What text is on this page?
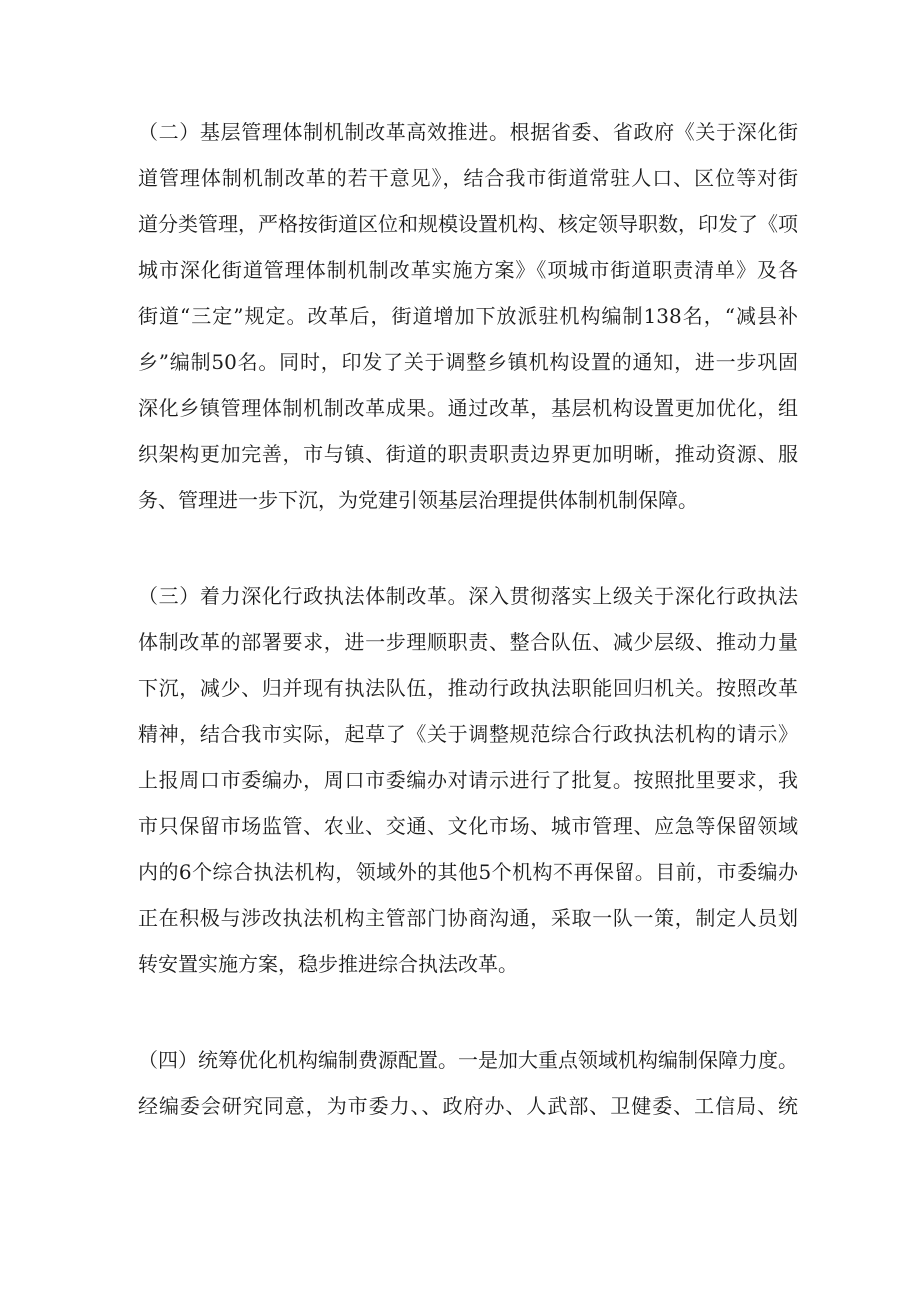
（二）基层管理体制机制改革高效推进。根据省委、省政府《关于深化街
道管理体制机制改革的若干意见》，结合我市街道常驻人口、区位等对街
道分类管理，严格按街道区位和规模设置机构、核定领导职数，印发了《项
城市深化街道管理体制机制改革实施方案》《项城市街道职责清单》及各
街道“三定”规定。改革后，街道增加下放派驻机构编制138名，“减县补
乡”编制50名。同时，印发了关于调整乡镇机构设置的通知，进一步巩固
深化乡镇管理体制机制改革成果。通过改革，基层机构设置更加优化，组
织架构更加完善，市与镇、街道的职责职责边界更加明晰，推动资源、服
务、管理进一步下沉，为党建引领基层治理提供体制机制保障。
（三）着力深化行政执法体制改革。深入贯彻落实上级关于深化行政执法
体制改革的部署要求，进一步理顺职责、整合队伍、减少层级、推动力量
下沉，减少、归并现有执法队伍，推动行政执法职能回归机关。按照改革
精神，结合我市实际，起草了《关于调整规范综合行政执法机构的请示》
上报周口市委编办，周口市委编办对请示进行了批复。按照批里要求，我
市只保留市场监管、农业、交通、文化市场、城市管理、应急等保留领域
内的6个综合执法机构，领域外的其他5个机构不再保留。目前，市委编办
正在积极与涉改执法机构主管部门协商沟通，采取一队一策，制定人员划
转安置实施方案，稳步推进综合执法改革。
（四）统筹优化机构编制费源配置。一是加大重点领域机构编制保障力度。
经编委会研究同意，为市委力、、政府办、人武部、卫健委、工信局、统
